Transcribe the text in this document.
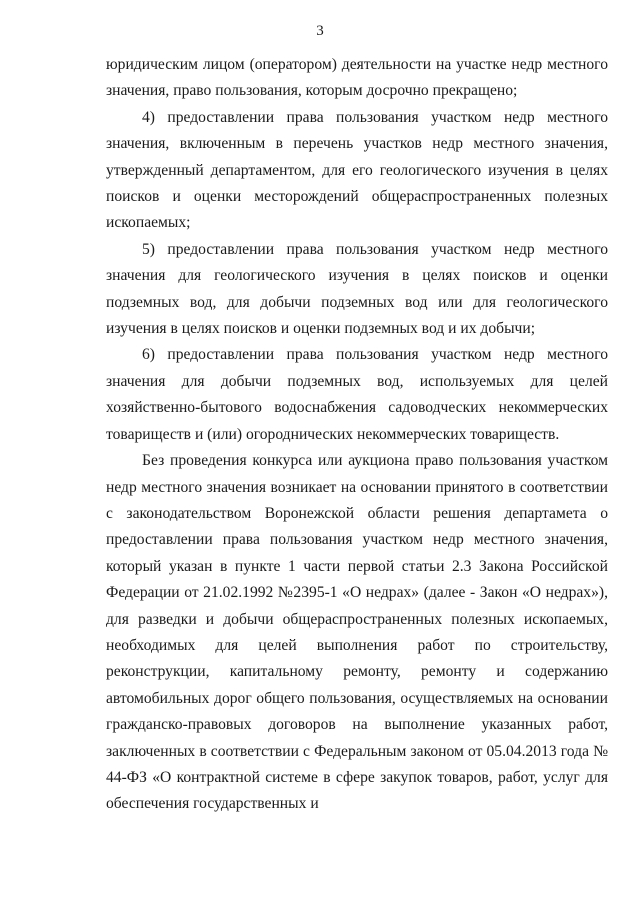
3

юридическим лицом (оператором) деятельности на участке недр местного значения, право пользования, которым досрочно прекращено;

4) предоставлении права пользования участком недр местного значения, включенным в перечень участков недр местного значения, утвержденный департаментом, для его геологического изучения в целях поисков и оценки месторождений общераспространенных полезных ископаемых;

5) предоставлении права пользования участком недр местного значения для геологического изучения в целях поисков и оценки подземных вод, для добычи подземных вод или для геологического изучения в целях поисков и оценки подземных вод и их добычи;

6) предоставлении права пользования участком недр местного значения для добычи подземных вод, используемых для целей хозяйственно-бытового водоснабжения садоводческих некоммерческих товариществ и (или) огороднических некоммерческих товариществ.

Без проведения конкурса или аукциона право пользования участком недр местного значения возникает на основании принятого в соответствии с законодательством Воронежской области решения департамета о предоставлении права пользования участком недр местного значения, который указан в пункте 1 части первой статьи 2.3 Закона Российской Федерации от 21.02.1992 №2395-1 «О недрах» (далее - Закон «О недрах»), для разведки и добычи общераспространенных полезных ископаемых, необходимых для целей выполнения работ по строительству, реконструкции, капитальному ремонту, ремонту и содержанию автомобильных дорог общего пользования, осуществляемых на основании гражданско-правовых договоров на выполнение указанных работ, заключенных в соответствии с Федеральным законом от 05.04.2013 года № 44-ФЗ «О контрактной системе в сфере закупок товаров, работ, услуг для обеспечения государственных и
